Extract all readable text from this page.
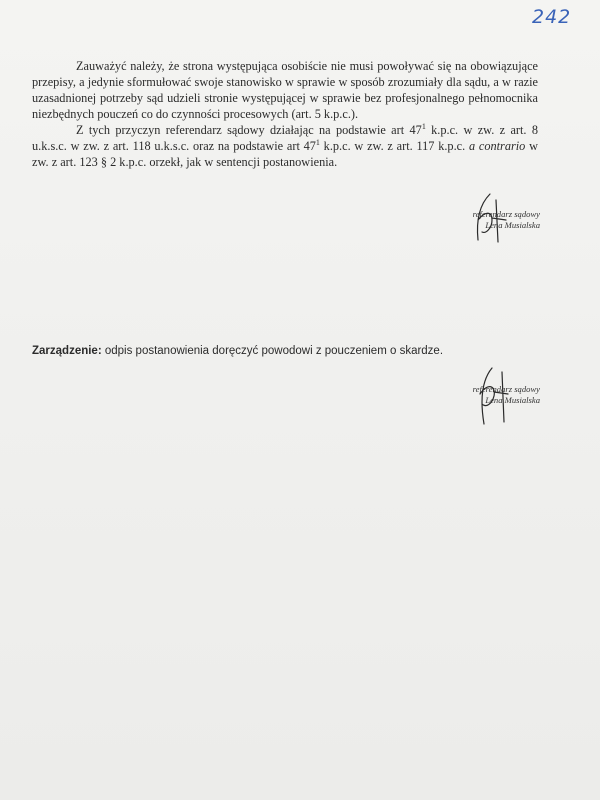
242

Zauważyć należy, że strona występująca osobiście nie musi powoływać się na obowiązujące przepisy, a jedynie sformułować swoje stanowisko w sprawie w sposób zrozumiały dla sądu, a w razie uzasadnionej potrzeby sąd udzieli stronie występującej w sprawie bez profesjonalnego pełnomocnika niezbędnych pouczeń co do czynności procesowych (art. 5 k.p.c.).

Z tych przyczyn referendarz sądowy działając na podstawie art $47^1$ k.p.c. w zw. z art. 8 u.k.s.c. w zw. z art. 118 u.k.s.c. oraz na podstawie art $47^1$ k.p.c. w zw. z art. 117 k.p.c. a contrario w zw. z art. 123 § 2 k.p.c. orzekł, jak w sentencji postanowienia.

referendarz sądowy
Lena Musialska
Zarządzenie: odpis postanowienia doręczyć powodowi z pouczeniem o skardze.
referendarz sądowy
Lena Musialska
